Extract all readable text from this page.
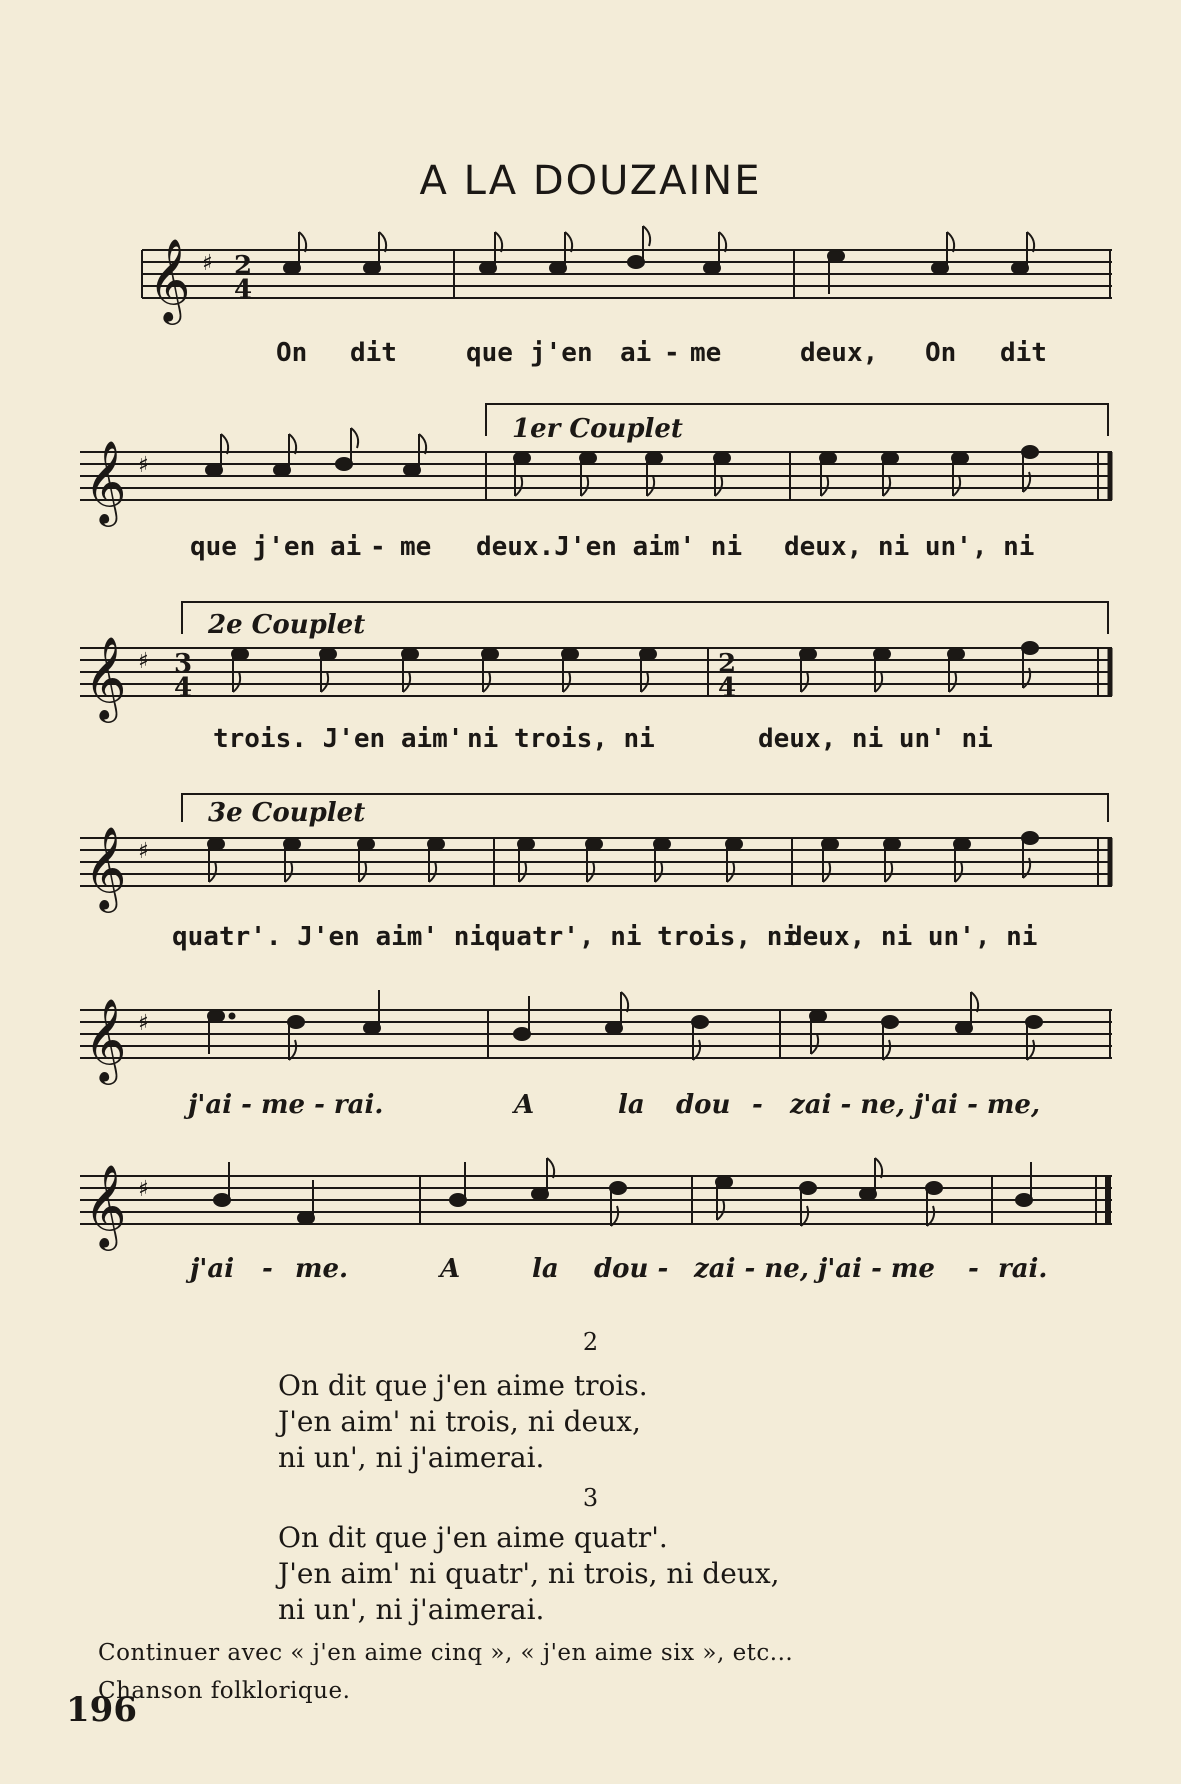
A LA DOUZAINE
𝄞 ♯ 2
4
On dit	que j'en ai - me	deux, On dit
𝄞 ♯
1er Couplet
que j'en ai - me deux.J'en aim' ni deux, ni un', ni
𝄞 ♯ 3
4
2
4
2e Couplet
trois. J'en aim' ni trois, ni	deux, ni un' ni
𝄞 ♯
3e Couplet
quatr'. J'en aim' ni quatr', ni trois, ni
deux, ni un', ni
𝄞 ♯
j'ai - me - rai.	A	la dou - zai - ne, j'ai - me,
𝄞 ♯
j'ai - me.	A	la dou - zai - ne, j'ai - me - rai.
2
On dit que j'en aime trois.
J'en aim' ni trois, ni deux,
ni un', ni j'aimerai.
3
On dit que j'en aime quatr'.
J'en aim' ni quatr', ni trois, ni deux,
ni un', ni j'aimerai.
Continuer avec « j'en aime cinq », « j'en aime six », etc...
Chanson folklorique.
196
